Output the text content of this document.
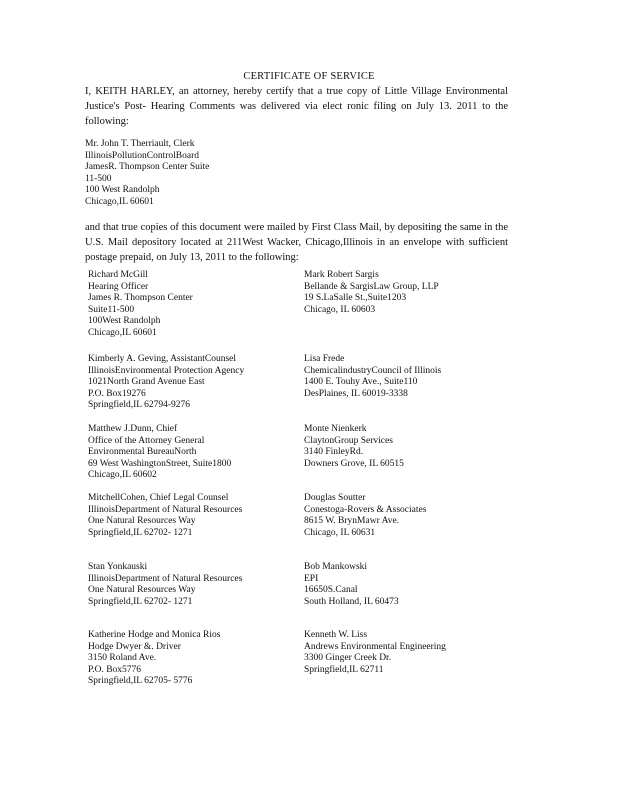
CERTIFICATE OF SERVICE
I, KEITH HARLEY, an attorney, hereby certify that a true copy of Little Village Environmental Justice's Post- Hearing Comments was delivered via elect ronic filing on July 13. 2011 to the following:
Mr. John T. Therriault, Clerk
IllinoisPollutionControlBoard
JamesR. Thompson Center Suite
11-500
100 West Randolph
Chicago,IL 60601
and that true copies of this document were mailed by First Class Mail, by depositing the same in the U.S. Mail depository located at 211West Wacker, Chicago,Illinois in an envelope with sufficient postage prepaid, on July 13, 2011 to the following:
Richard McGill
Hearing Officer
James R. Thompson Center
Suite11-500
100West Randolph
Chicago,IL 60601
Kimberly A. Geving, AssistantCounsel
IllinoisEnvironmental Protection Agency
1021North Grand Avenue East
P.O. Box19276
Springfield,IL 62794-9276
Matthew J.Dunn, Chief
Office of the Attorney General
Environmental BureauNorth
69 West WashingtonStreet, Suite1800
Chicago,IL 60602
MitchellCohen, Chief Legal Counsel
IllinoisDepartment of Natural Resources
One Natural Resources Way
Springfield,IL 62702- 1271
Stan Yonkauski
IllinoisDepartment of Natural Resources
One Natural Resources Way
Springfield,IL 62702- 1271
Katherine Hodge and Monica Rios
Hodge Dwyer &. Driver
3150 Roland Ave.
P.O. Box5776
Springfield,IL 62705- 5776
Mark Robert Sargis
Bellande & SargisLaw Group, LLP
19 S.LaSalle St.,Suite1203
Chicago, IL 60603
Lisa Frede
ChemicalindustryCouncil of Illinois
1400 E. Touhy Ave., Suite110
DesPlaines, IL 60019-3338
Monte Nienkerk
ClaytonGroup Services
3140 FinleyRd.
Downers Grove, IL 60515
Douglas Soutter
Conestoga-Rovers & Associates
8615 W. BrynMawr Ave.
Chicago, IL 60631
Bob Mankowski
EPI
16650S.Canal
South Holland, IL 60473
Kenneth W. Liss
Andrews Environmental Engineering
3300 Ginger Creek Dr.
Springfield,IL 62711
